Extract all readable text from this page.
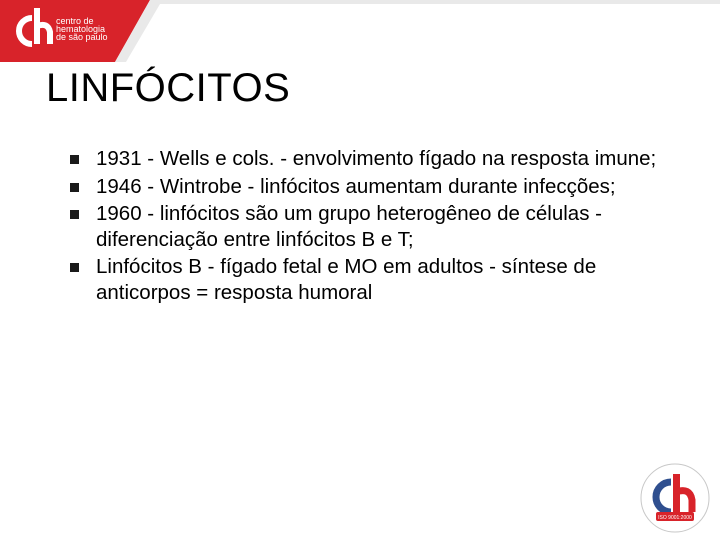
centro de
hematologia
de são paulo
LINFÓCITOS
1931 - Wells e cols. - envolvimento fígado na resposta imune;
1946 - Wintrobe - linfócitos aumentam durante infecções;
1960 - linfócitos são um grupo heterogêneo de células - diferenciação entre linfócitos B e T;
Linfócitos B - fígado fetal e MO em adultos - síntese de anticorpos = resposta humoral
ISO 9001:2000
